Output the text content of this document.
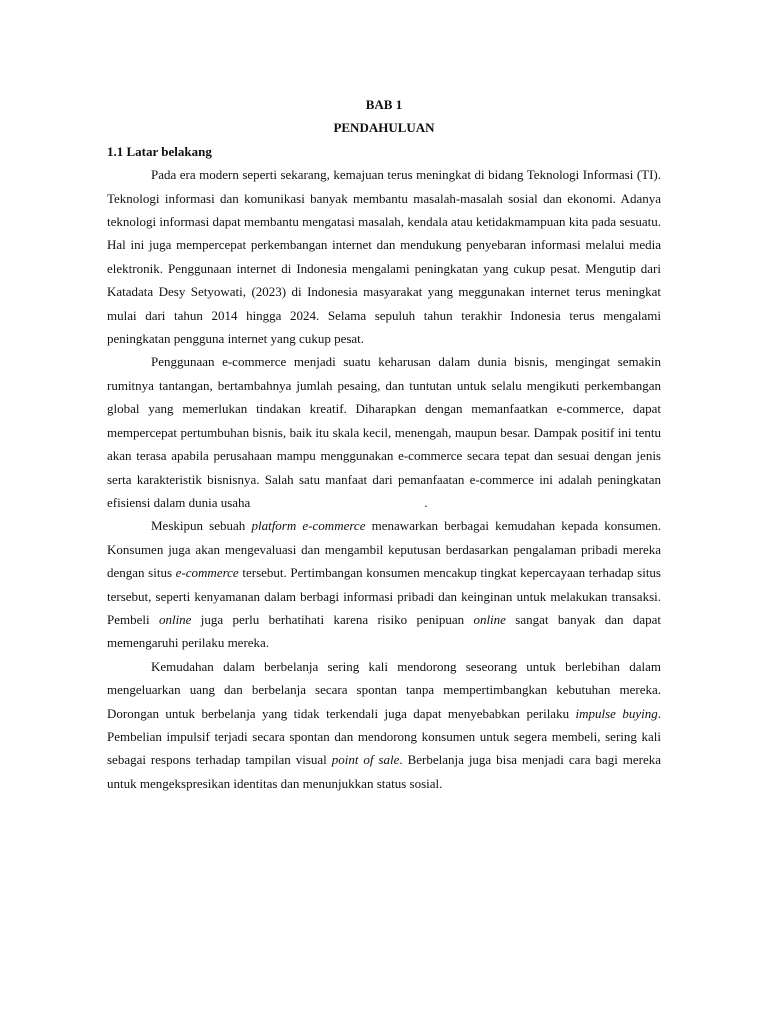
BAB 1

PENDAHULUAN

1.1 Latar belakang

Pada era modern seperti sekarang, kemajuan terus meningkat di bidang Teknologi Informasi (TI). Teknologi informasi dan komunikasi banyak membantu masalah-masalah sosial dan ekonomi. Adanya teknologi informasi dapat membantu mengatasi masalah, kendala atau ketidakmampuan kita pada sesuatu. Hal ini juga mempercepat perkembangan internet dan mendukung penyebaran informasi melalui media elektronik. Penggunaan internet di Indonesia mengalami peningkatan yang cukup pesat. Mengutip dari Katadata Desy Setyowati, (2023) di Indonesia masyarakat yang meggunakan internet terus meningkat mulai dari tahun 2014 hingga 2024. Selama sepuluh tahun terakhir Indonesia terus mengalami peningkatan pengguna internet yang cukup pesat.

Penggunaan e-commerce menjadi suatu keharusan dalam dunia bisnis, mengingat semakin rumitnya tantangan, bertambahnya jumlah pesaing, dan tuntutan untuk selalu mengikuti perkembangan global yang memerlukan tindakan kreatif. Diharapkan dengan memanfaatkan e-commerce, dapat mempercepat pertumbuhan bisnis, baik itu skala kecil, menengah, maupun besar. Dampak positif ini tentu akan terasa apabila perusahaan mampu menggunakan e-commerce secara tepat dan sesuai dengan jenis serta karakteristik bisnisnya. Salah satu manfaat dari pemanfaatan e-commerce ini adalah peningkatan efisiensi dalam dunia usaha	.

Meskipun sebuah platform e-commerce menawarkan berbagai kemudahan kepada konsumen. Konsumen juga akan mengevaluasi dan mengambil keputusan berdasarkan pengalaman pribadi mereka dengan situs e-commerce tersebut. Pertimbangan konsumen mencakup tingkat kepercayaan terhadap situs tersebut, seperti kenyamanan dalam berbagi informasi pribadi dan keinginan untuk melakukan transaksi. Pembeli online juga perlu berhatihati karena risiko penipuan online sangat banyak dan dapat memengaruhi perilaku mereka.

Kemudahan dalam berbelanja sering kali mendorong seseorang untuk berlebihan dalam mengeluarkan uang dan berbelanja secara spontan tanpa mempertimbangkan kebutuhan mereka. Dorongan untuk berbelanja yang tidak terkendali juga dapat menyebabkan perilaku impulse buying. Pembelian impulsif terjadi secara spontan dan mendorong konsumen untuk segera membeli, sering kali sebagai respons terhadap tampilan visual point of sale. Berbelanja juga bisa menjadi cara bagi mereka untuk mengekspresikan identitas dan menunjukkan status sosial.
